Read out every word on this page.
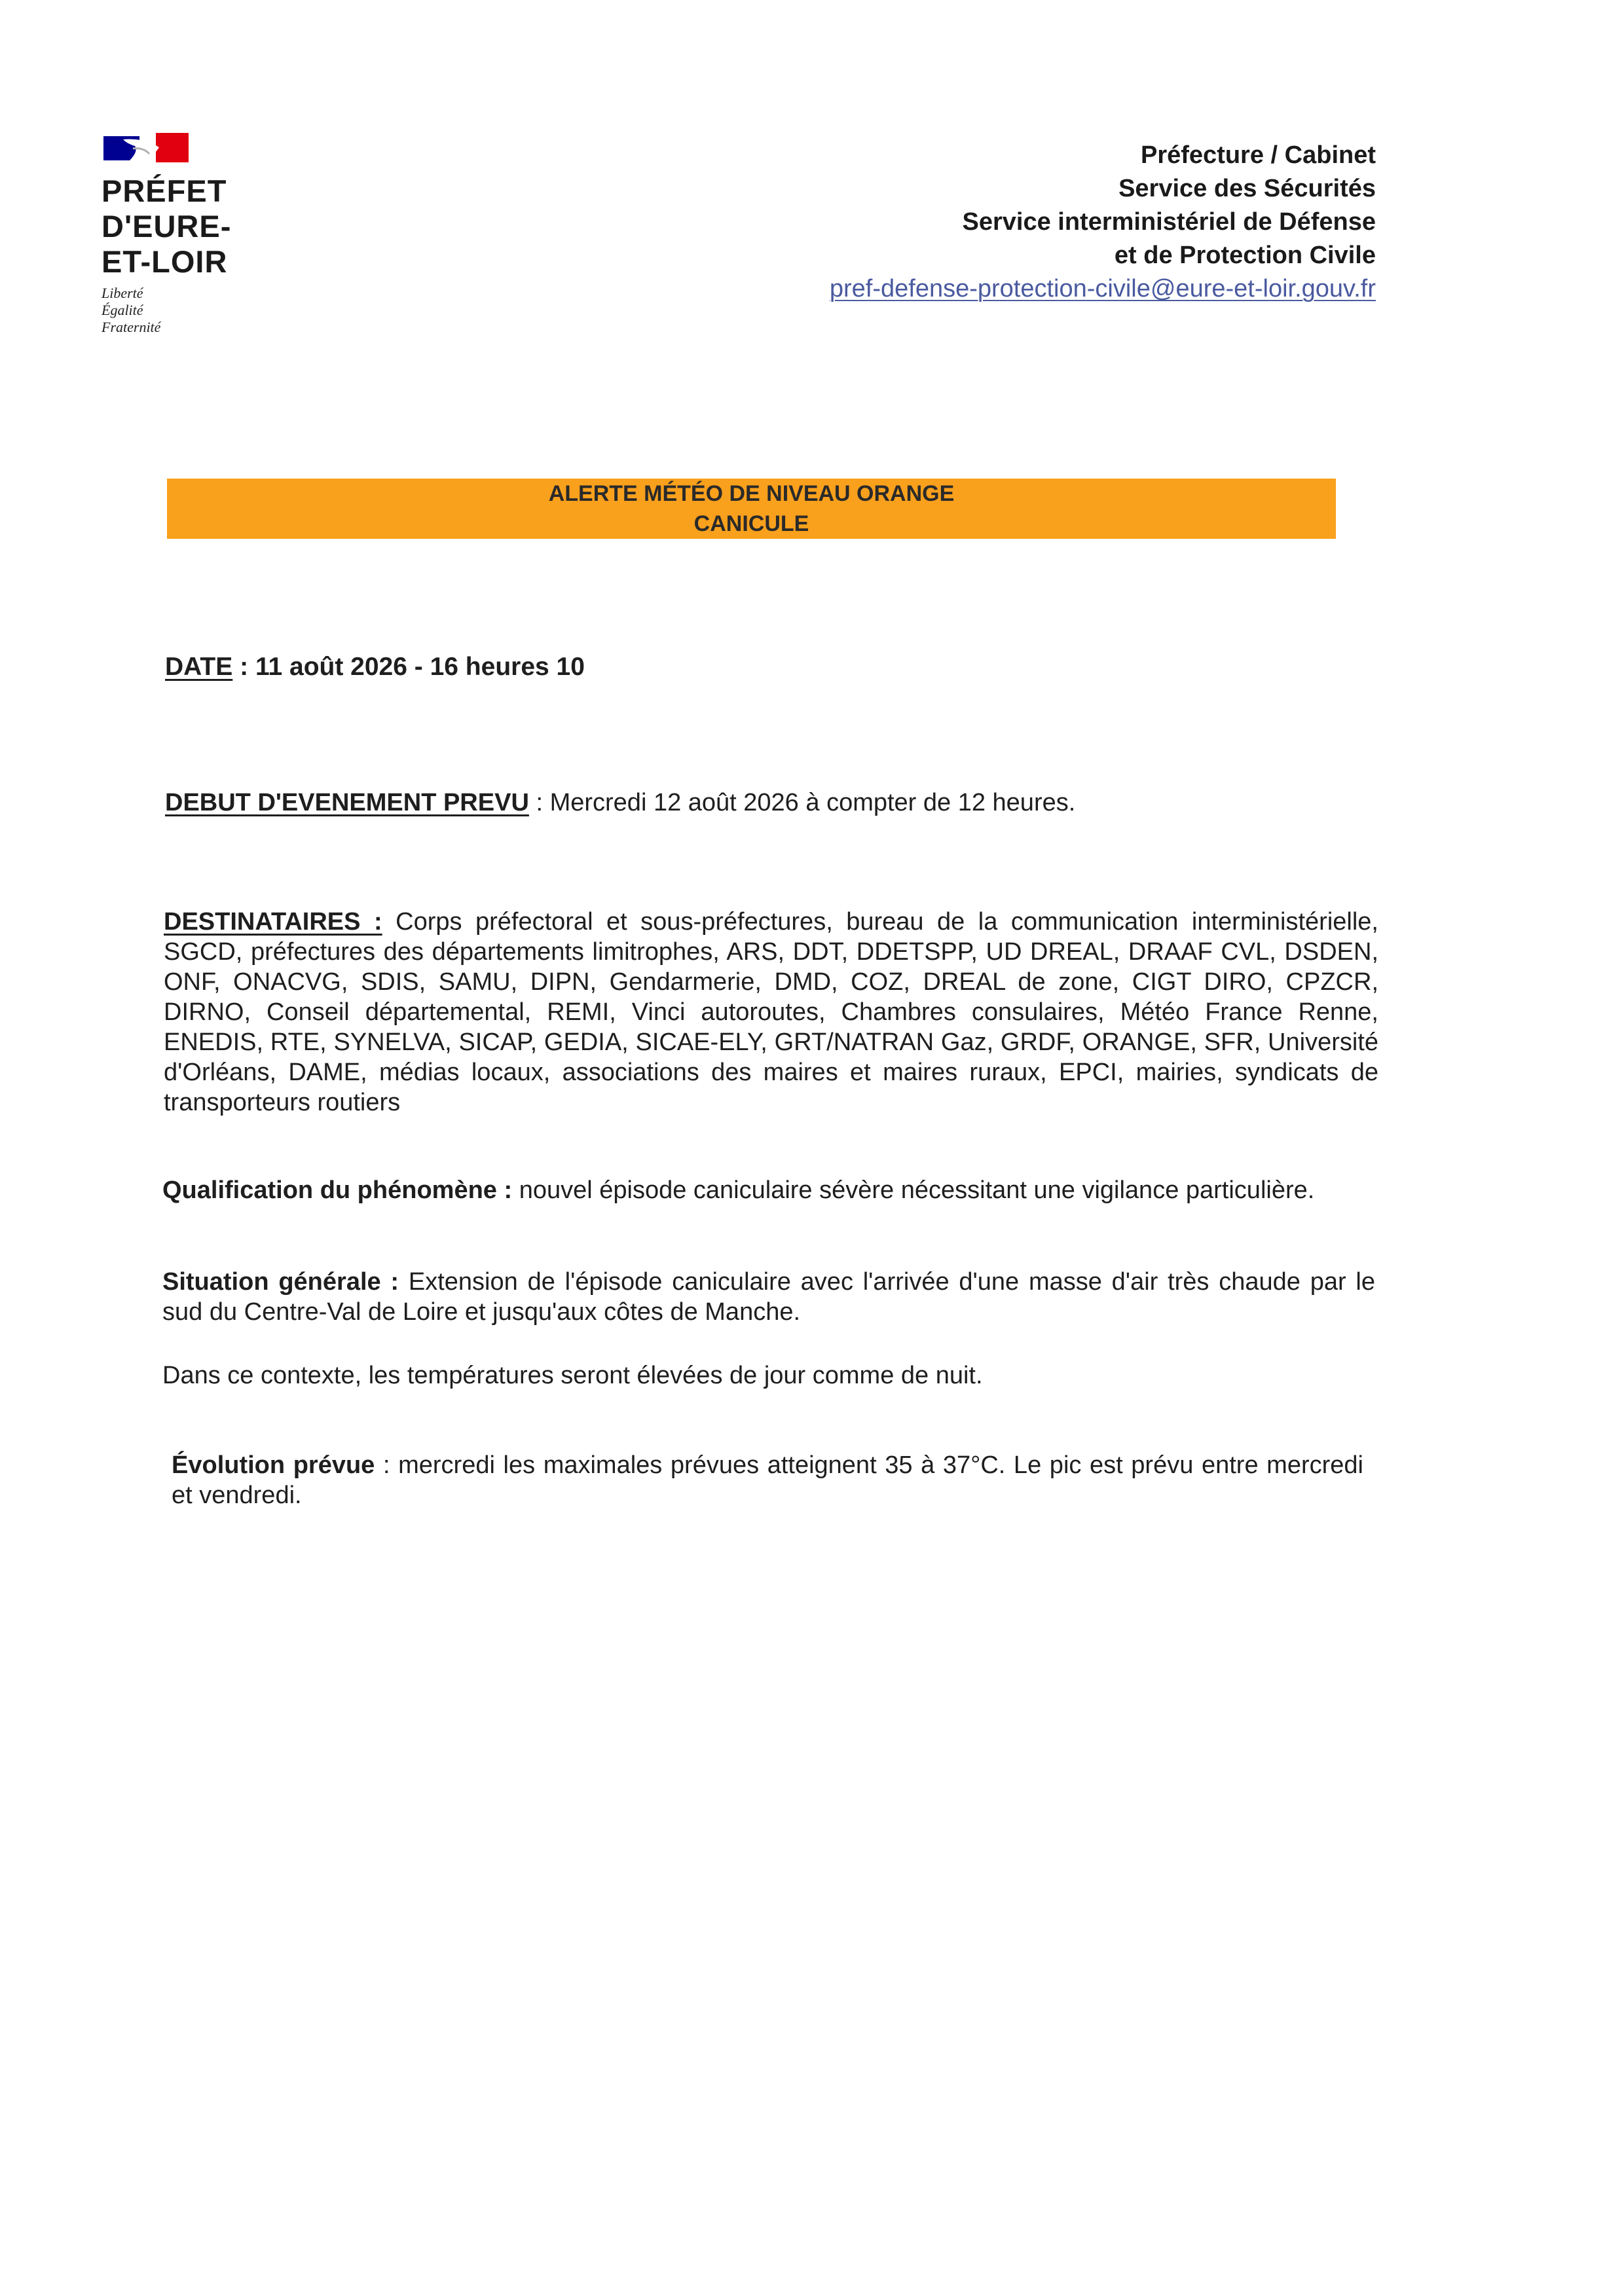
PRÉFET
D'EURE-
ET-LOIR
Liberté
Égalité
Fraternité
Préfecture / Cabinet
Service des Sécurités
Service interministériel de Défense
et de Protection Civile
pref-defense-protection-civile@eure-et-loir.gouv.fr
ALERTE MÉTÉO DE NIVEAU ORANGE
CANICULE
DATE : 11 août 2026 - 16 heures 10
DEBUT D'EVENEMENT PREVU : Mercredi 12 août 2026 à compter de 12 heures.
DESTINATAIRES : Corps préfectoral et sous-préfectures, bureau de la communication interministérielle, SGCD, préfectures des départements limitrophes, ARS, DDT, DDETSPP, UD DREAL, DRAAF CVL, DSDEN, ONF, ONACVG, SDIS, SAMU, DIPN, Gendarmerie, DMD, COZ, DREAL de zone, CIGT DIRO, CPZCR, DIRNO, Conseil départemental, REMI, Vinci autoroutes, Chambres consulaires, Météo France Renne, ENEDIS, RTE, SYNELVA, SICAP, GEDIA, SICAE-ELY, GRT/NATRAN Gaz, GRDF, ORANGE, SFR, Université d'Orléans, DAME, médias locaux, associations des maires et maires ruraux, EPCI, mairies, syndicats de transporteurs routiers
Qualification du phénomène : nouvel épisode caniculaire sévère nécessitant une vigilance particulière.
Situation générale : Extension de l'épisode caniculaire avec l'arrivée d'une masse d'air très chaude par le sud du Centre-Val de Loire et jusqu'aux côtes de Manche.
Dans ce contexte, les températures seront élevées de jour comme de nuit.
Évolution prévue : mercredi les maximales prévues atteignent 35 à 37°C. Le pic est prévu entre mercredi et vendredi.
